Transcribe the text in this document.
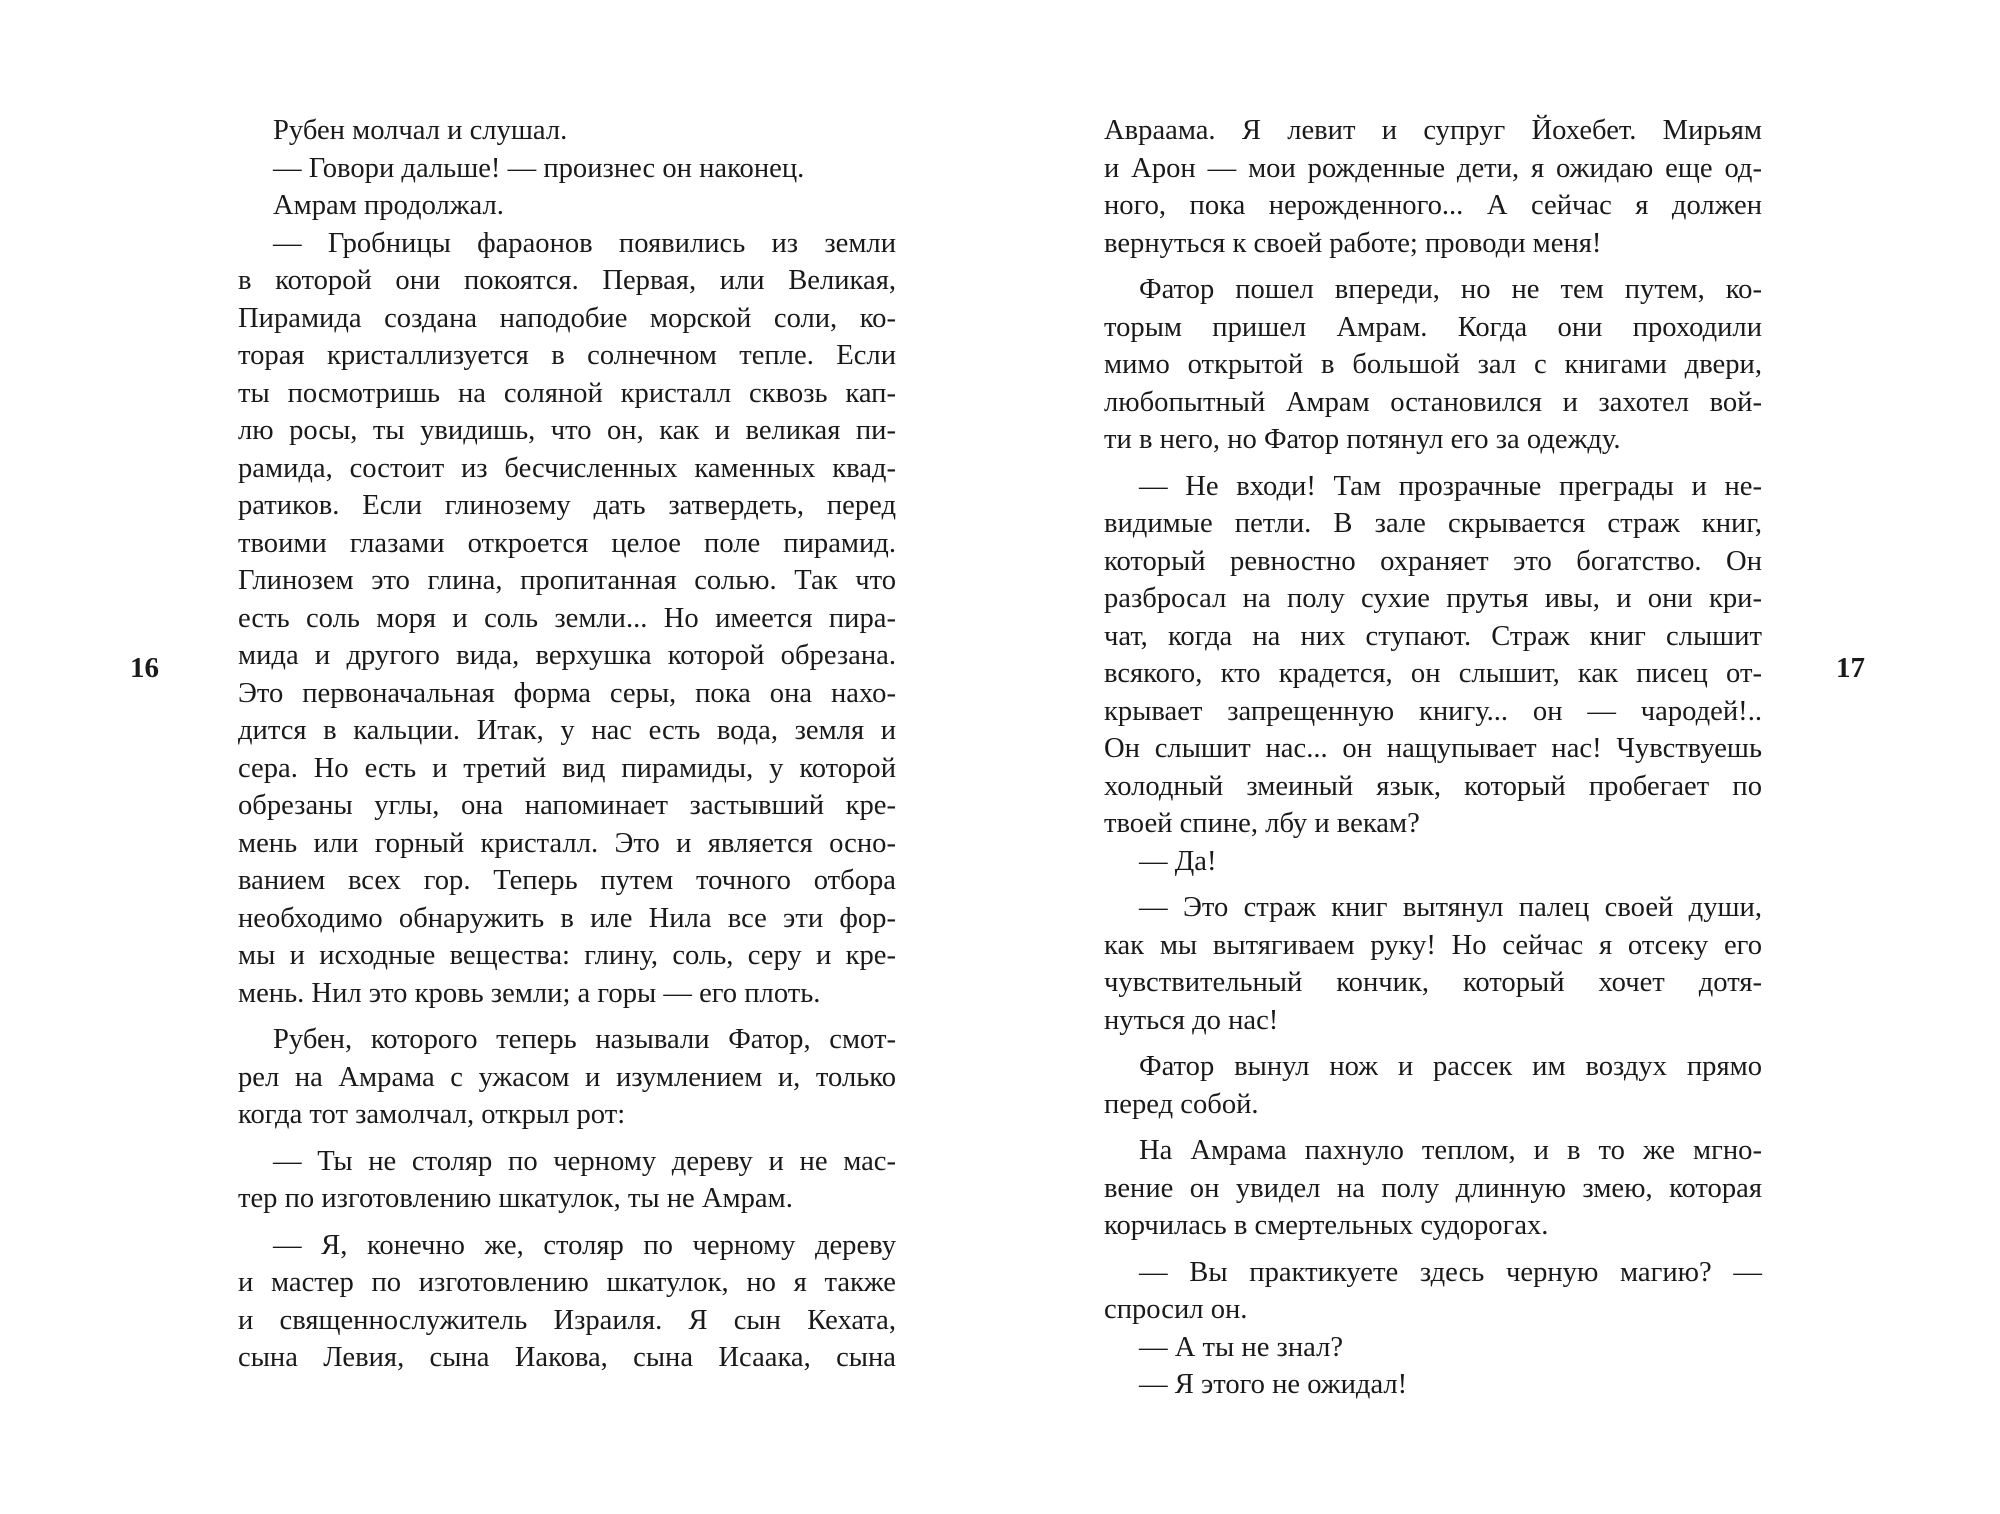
Рубен молчал и слушал.
— Говори дальше! — произнес он наконец.
Амрам продолжал.
— Гробницы фараонов появились из земли
в которой они покоятся. Первая, или Великая,
Пирамида создана наподобие морской соли, ко-
торая кристаллизуется в солнечном тепле. Если
ты посмотришь на соляной кристалл сквозь кап-
лю росы, ты увидишь, что он, как и великая пи-
рамида, состоит из бесчисленных каменных квад-
ратиков. Если глинозему дать затвердеть, перед
твоими глазами откроется целое поле пирамид.
Глинозем это глина, пропитанная солью. Так что
есть соль моря и соль земли... Но имеется пира-
мида и другого вида, верхушка которой обрезана.
Это первоначальная форма серы, пока она нахо-
дится в кальции. Итак, у нас есть вода, земля и
сера. Но есть и третий вид пирамиды, у которой
обрезаны углы, она напоминает застывший кре-
мень или горный кристалл. Это и является осно-
ванием всех гор. Теперь путем точного отбора
необходимо обнаружить в иле Нила все эти фор-
мы и исходные вещества: глину, соль, серу и кре-
мень. Нил это кровь земли; а горы — его плоть.
Рубен, которого теперь называли Фатор, смот-
рел на Амрама с ужасом и изумлением и, только
когда тот замолчал, открыл рот:
— Ты не столяр по черному дереву и не мас-
тер по изготовлению шкатулок, ты не Амрам.
— Я, конечно же, столяр по черному дереву
и мастер по изготовлению шкатулок, но я также
и священнослужитель Израиля. Я сын Кехата,
сына Левия, сына Иакова, сына Исаака, сына
16
Авраама. Я левит и супруг Йохебет. Мирьям
и Арон — мои рожденные дети, я ожидаю еще од-
ного, пока нерожденного... А сейчас я должен
вернуться к своей работе; проводи меня!
Фатор пошел впереди, но не тем путем, ко-
торым пришел Амрам. Когда они проходили
мимо открытой в большой зал с книгами двери,
любопытный Амрам остановился и захотел вой-
ти в него, но Фатор потянул его за одежду.
— Не входи! Там прозрачные преграды и не-
видимые петли. В зале скрывается страж книг,
который ревностно охраняет это богатство. Он
разбросал на полу сухие прутья ивы, и они кри-
чат, когда на них ступают. Страж книг слышит
всякого, кто крадется, он слышит, как писец от-
крывает запрещенную книгу... он — чародей!..
Он слышит нас... он нащупывает нас! Чувствуешь
холодный змеиный язык, который пробегает по
твоей спине, лбу и векам?
— Да!
— Это страж книг вытянул палец своей души,
как мы вытягиваем руку! Но сейчас я отсеку его
чувствительный кончик, который хочет дотя-
нуться до нас!
Фатор вынул нож и рассек им воздух прямо
перед собой.
На Амрама пахнуло теплом, и в то же мгно-
вение он увидел на полу длинную змею, которая
корчилась в смертельных судорогах.
— Вы практикуете здесь черную магию? —
спросил он.
— А ты не знал?
— Я этого не ожидал!
17
